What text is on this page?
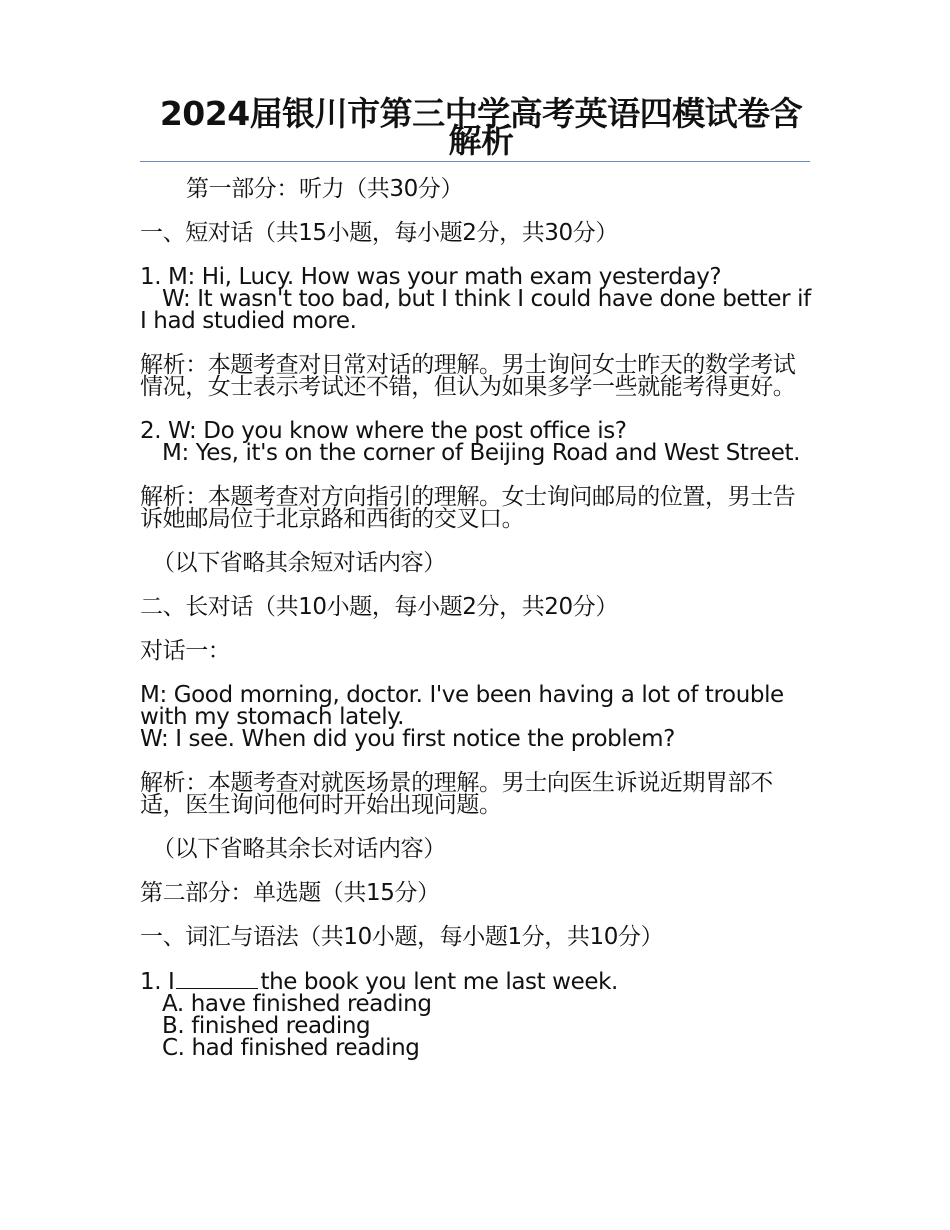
2024届银川市第三中学高考英语四模试卷含解析
第一部分：听力（共30分）
一、短对话（共15小题，每小题2分，共30分）
1. M: Hi, Lucy. How was your math exam yesterday?
W: It wasn't too bad, but I think I could have done better if I had studied more.
解析：本题考查对日常对话的理解。男士询问女士昨天的数学考试情况，女士表示考试还不错，但认为如果多学一些就能考得更好。
2. W: Do you know where the post office is?
M: Yes, it's on the corner of Beijing Road and West Street.
解析：本题考查对方向指引的理解。女士询问邮局的位置，男士告诉她邮局位于北京路和西街的交叉口。
（以下省略其余短对话内容）
二、长对话（共10小题，每小题2分，共20分）
对话一：
M: Good morning, doctor. I've been having a lot of trouble with my stomach lately.
W: I see. When did you first notice the problem?
解析：本题考查对就医场景的理解。男士向医生诉说近期胃部不适，医生询问他何时开始出现问题。
（以下省略其余长对话内容）
第二部分：单选题（共15分）
一、词汇与语法（共10小题，每小题1分，共10分）
1. I	the book you lent me last week.
A. have finished reading
B. finished reading
C. had finished reading
